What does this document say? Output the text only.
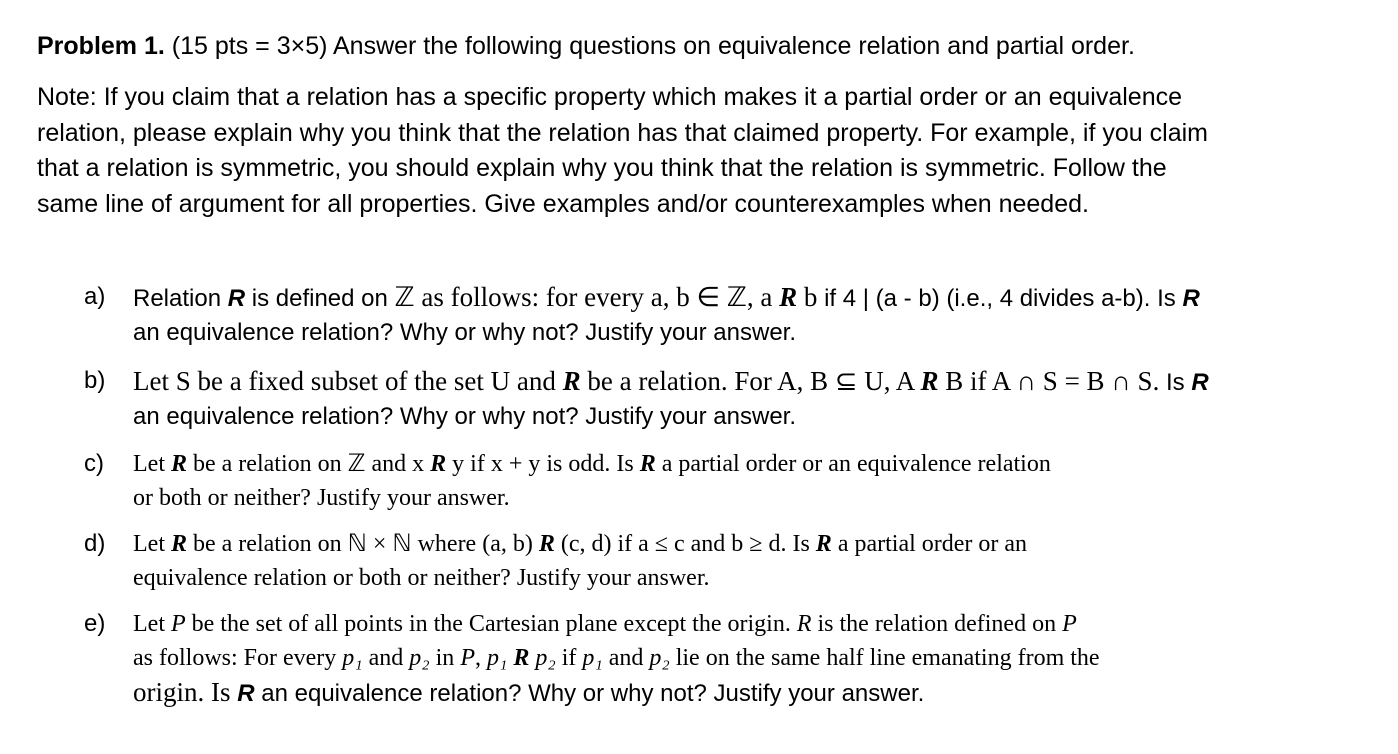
Problem 1. (15 pts = 3×5) Answer the following questions on equivalence relation and partial order.
Note: If you claim that a relation has a specific property which makes it a partial order or an equivalence
relation, please explain why you think that the relation has that claimed property. For example, if you claim
that a relation is symmetric, you should explain why you think that the relation is symmetric. Follow the
same line of argument for all properties. Give examples and/or counterexamples when needed.
a) Relation R is defined on ℤ as follows: for every a, b ∈ ℤ, a R b if 4 | (a - b) (i.e., 4 divides a-b). Is R
an equivalence relation? Why or why not? Justify your answer.
b) Let S be a fixed subset of the set U and R be a relation. For A, B ⊆ U, A R B if A ∩ S = B ∩ S. Is R
an equivalence relation? Why or why not? Justify your answer.
c) Let R be a relation on ℤ and x R y if x + y is odd. Is R a partial order or an equivalence relation
or both or neither? Justify your answer.
d) Let R be a relation on ℕ × ℕ where (a, b) R (c, d) if a ≤ c and b ≥ d. Is R a partial order or an
equivalence relation or both or neither? Justify your answer.
e) Let P be the set of all points in the Cartesian plane except the origin. R is the relation defined on P
as follows: For every p₁ and p₂ in P, p₁ R p₂ if p₁ and p₂ lie on the same half line emanating from the
origin. Is R an equivalence relation? Why or why not? Justify your answer.
